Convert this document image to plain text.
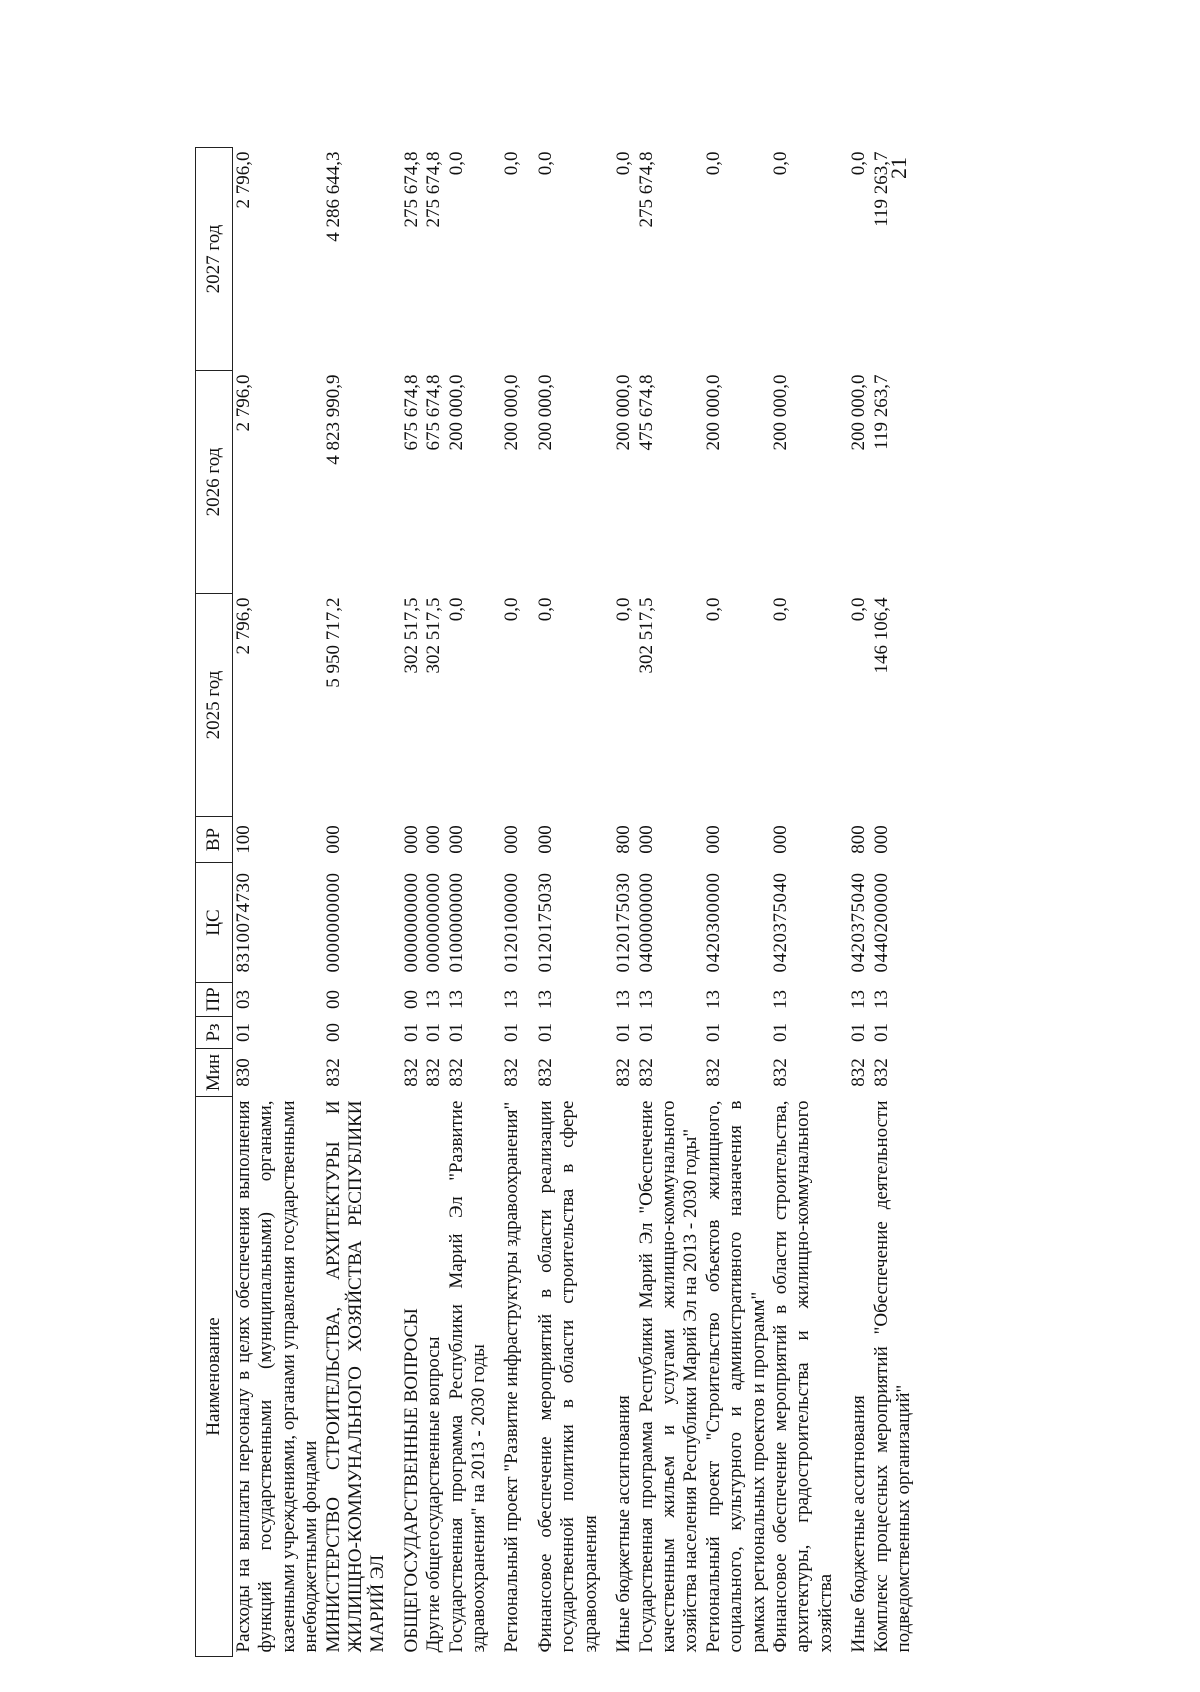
21
Наименование	Мин	Рз	ПР	ЦС	ВР	2025 год	2026 год	2027 год
Расходы на выплаты персоналу в целях обеспечения выполнения функций государственными (муниципальными) органами, казенными учреждениями, органами управления государственными внебюджетными фондами	830	01	03	8310074730	100	2 796,0	2 796,0	2 796,0
МИНИСТЕРСТВО СТРОИТЕЛЬСТВА, АРХИТЕКТУРЫ И ЖИЛИЩНО-КОММУНАЛЬНОГО ХОЗЯЙСТВА РЕСПУБЛИКИ МАРИЙ ЭЛ	832	00	00	0000000000	000	5 950 717,2	4 823 990,9	4 286 644,3
ОБЩЕГОСУДАРСТВЕННЫЕ ВОПРОСЫ	832	01	00	0000000000	000	302 517,5	675 674,8	275 674,8
Другие общегосударственные вопросы	832	01	13	0000000000	000	302 517,5	675 674,8	275 674,8
Государственная программа Республики Марий Эл "Развитие здравоохранения" на 2013 - 2030 годы	832	01	13	0100000000	000	0,0	200 000,0	0,0
Региональный проект "Развитие инфраструктуры здравоохранения"	832	01	13	0120100000	000	0,0	200 000,0	0,0
Финансовое обеспечение мероприятий в области реализации государственной политики в области строительства в сфере здравоохранения	832	01	13	0120175030	000	0,0	200 000,0	0,0
Иные бюджетные ассигнования	832	01	13	0120175030	800	0,0	200 000,0	0,0
Государственная программа Республики Марий Эл "Обеспечение качественным жильем и услугами жилищно-коммунального хозяйства населения Республики Марий Эл на 2013 - 2030 годы"	832	01	13	0400000000	000	302 517,5	475 674,8	275 674,8
Региональный проект "Строительство объектов жилищного, социального, культурного и административного назначения в рамках региональных проектов и программ"	832	01	13	0420300000	000	0,0	200 000,0	0,0
Финансовое обеспечение мероприятий в области строительства, архитектуры, градостроительства и жилищно-коммунального хозяйства	832	01	13	0420375040	000	0,0	200 000,0	0,0
Иные бюджетные ассигнования	832	01	13	0420375040	800	0,0	200 000,0	0,0
Комплекс процессных мероприятий "Обеспечение деятельности подведомственных организаций"	832	01	13	0440200000	000	146 106,4	119 263,7	119 263,7
